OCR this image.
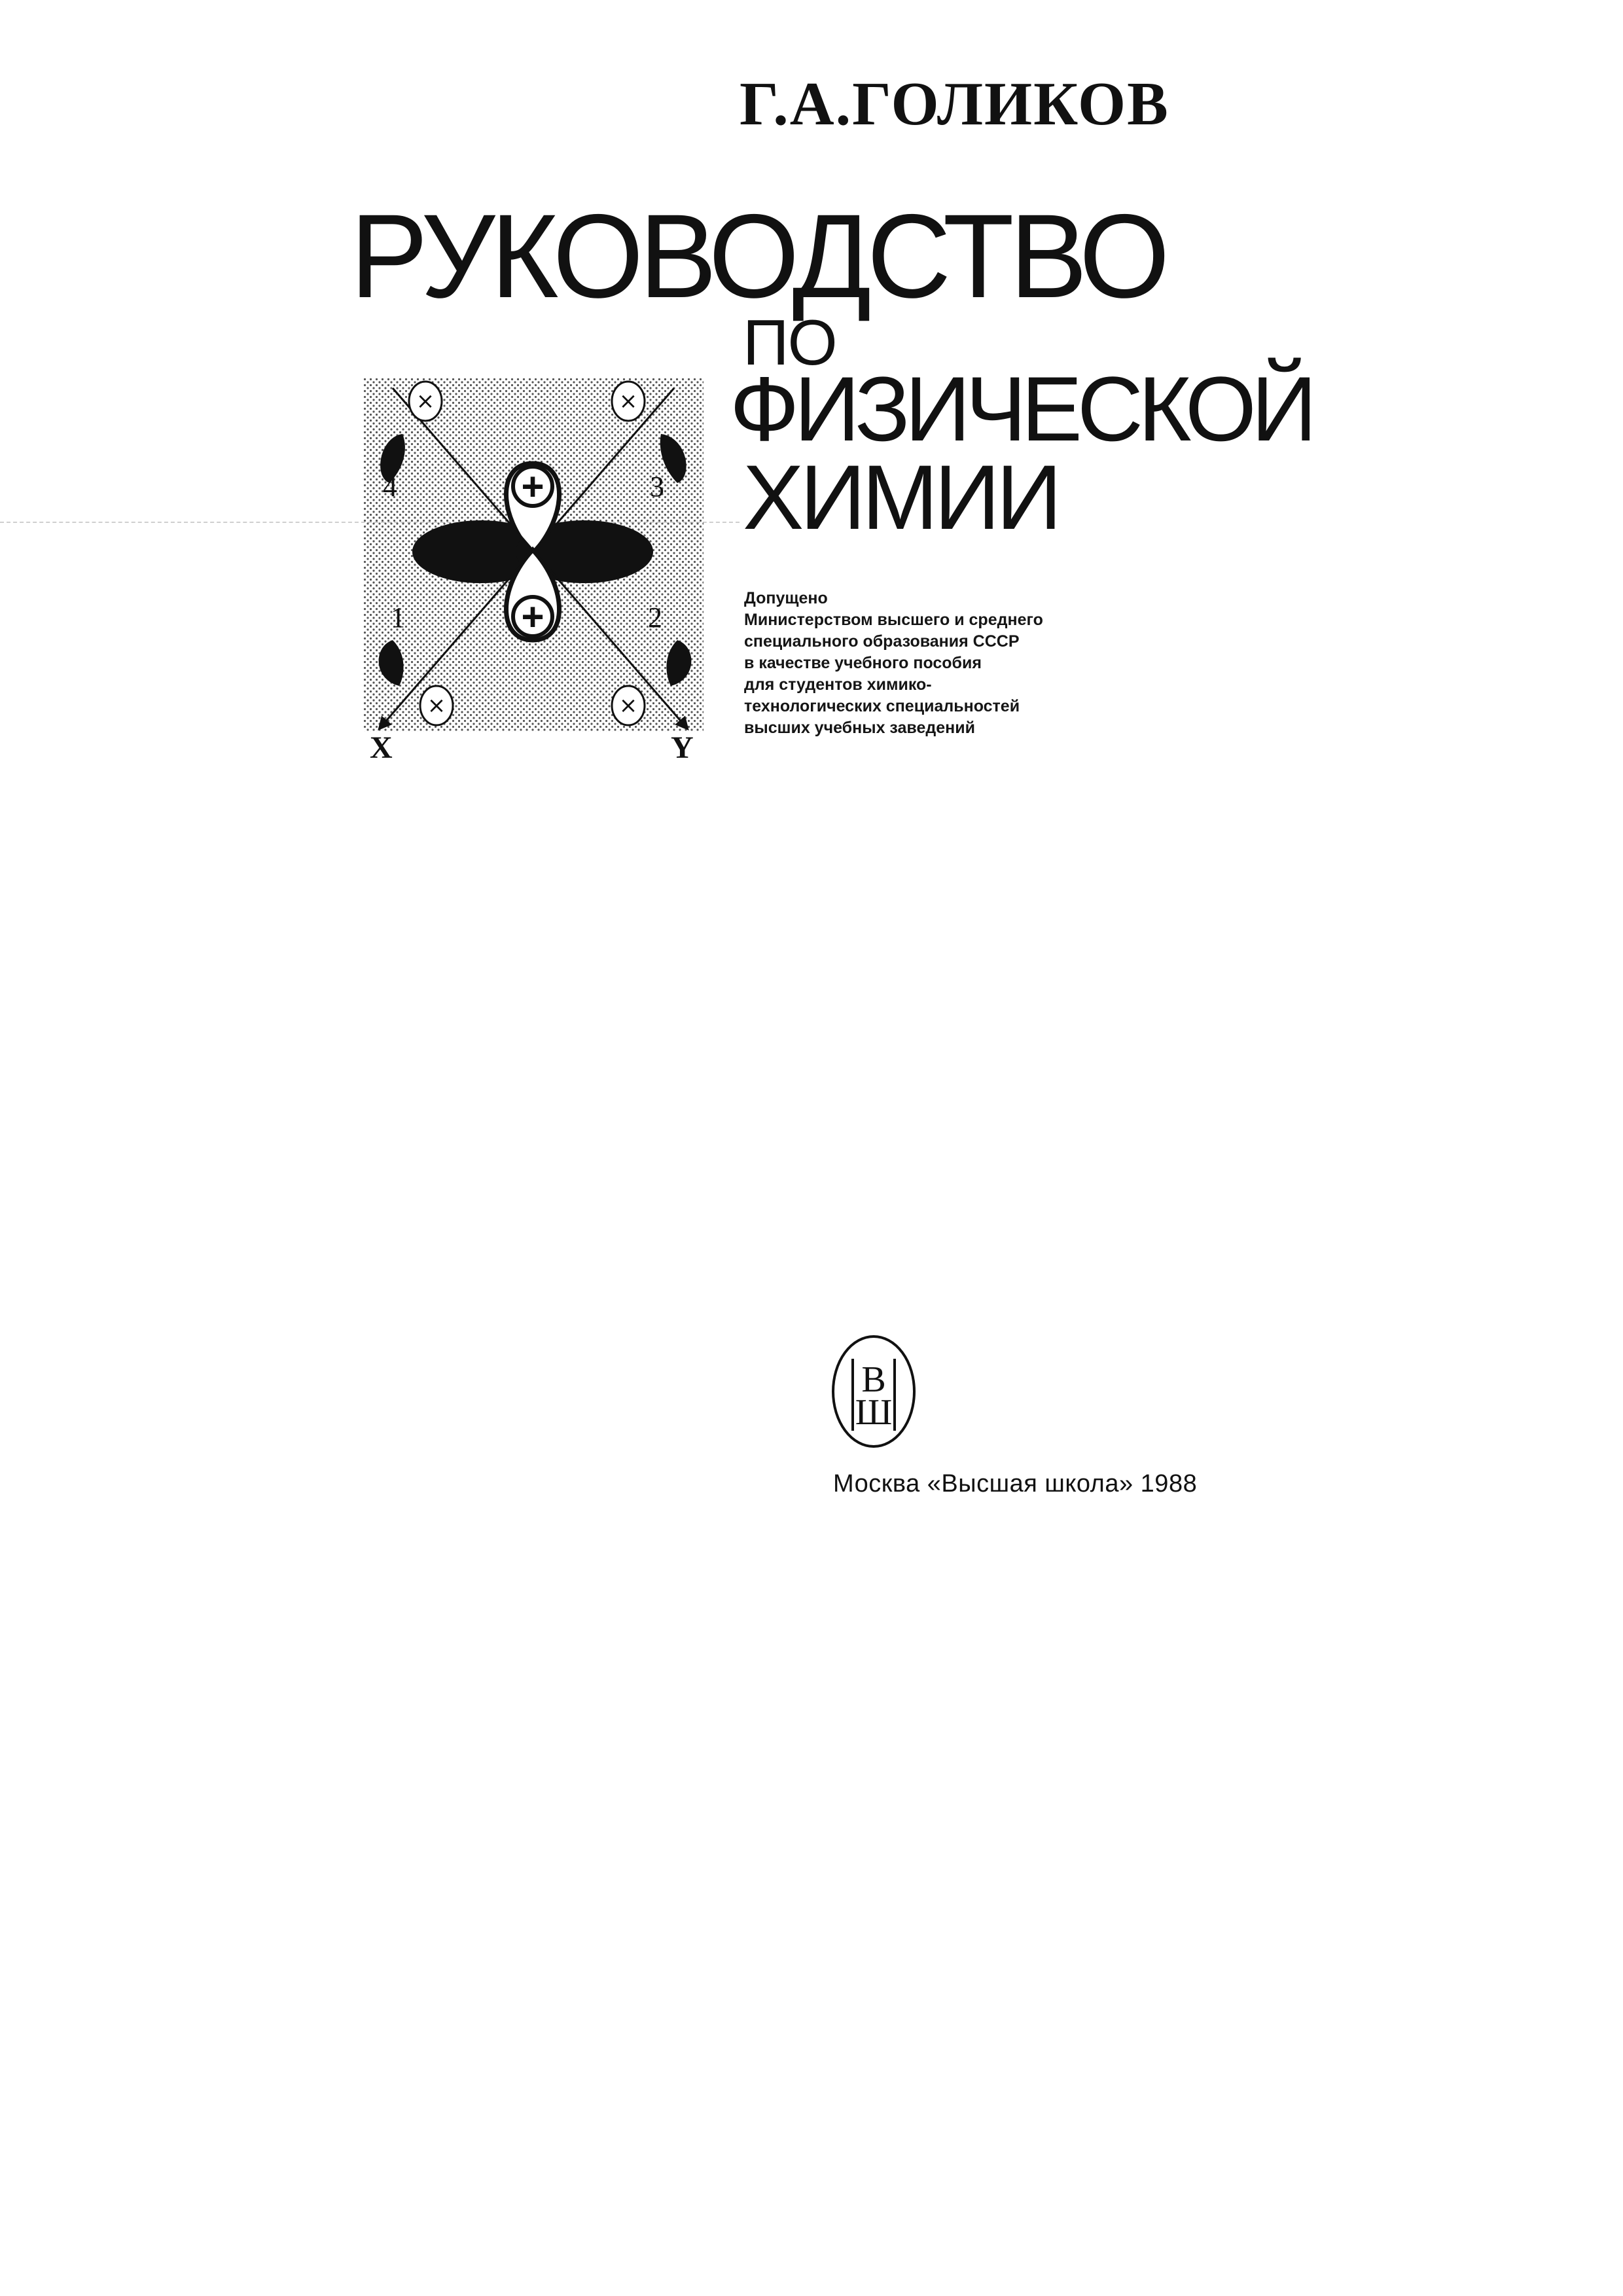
Г.А.ГОЛИКОВ
РУКОВОДСТВО
ПО
ФИЗИЧЕСКОЙ
ХИМИИ
+
+
×	×
×	×
4	3
1	2
X	Y
Допущено
Министерством высшего и среднего
специального образования СССР
в качестве учебного пособия
для студентов химико-
технологических специальностей
высших учебных заведений
В
Ш
Москва «Высшая школа» 1988
